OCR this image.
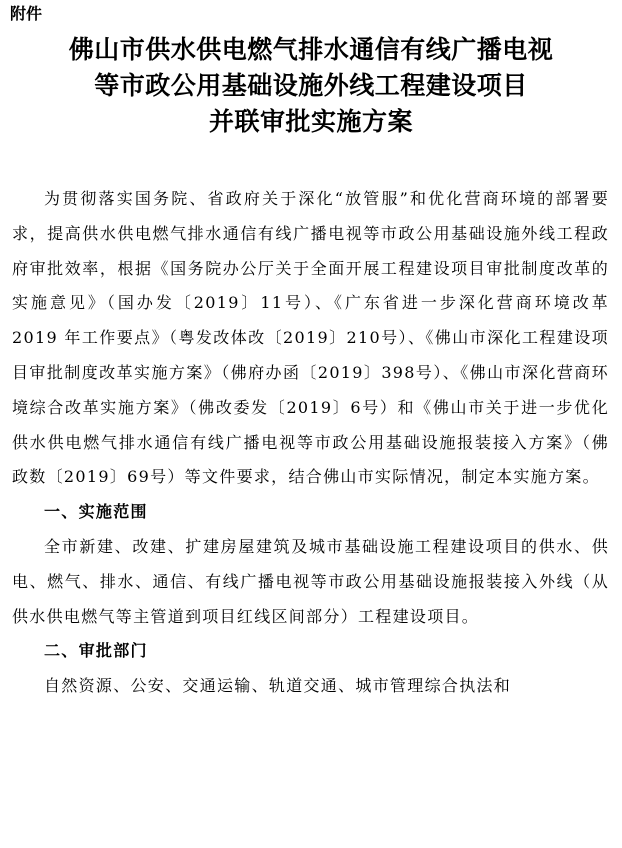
附件
佛山市供水供电燃气排水通信有线广播电视
等市政公用基础设施外线工程建设项目
并联审批实施方案

为贯彻落实国务院、省政府关于深化“放管服”和优化营商环境的部署要求，提高供水供电燃气排水通信有线广播电视等市政公用基础设施外线工程政府审批效率，根据《国务院办公厅关于全面开展工程建设项目审批制度改革的实施意见》（国办发〔2019〕11号）、《广东省进一步深化营商环境改革 2019 年工作要点》（粤发改体改〔2019〕210号）、《佛山市深化工程建设项目审批制度改革实施方案》（佛府办函〔2019〕398号）、《佛山市深化营商环境综合改革实施方案》（佛改委发〔2019〕6号）和《佛山市关于进一步优化供水供电燃气排水通信有线广播电视等市政公用基础设施报装接入方案》（佛政数〔2019〕69号）等文件要求，结合佛山市实际情况，制定本实施方案。

一、实施范围

全市新建、改建、扩建房屋建筑及城市基础设施工程建设项目的供水、供电、燃气、排水、通信、有线广播电视等市政公用基础设施报装接入外线（从供水供电燃气等主管道到项目红线区间部分）工程建设项目。

二、审批部门

自然资源、公安、交通运输、轨道交通、城市管理综合执法和
